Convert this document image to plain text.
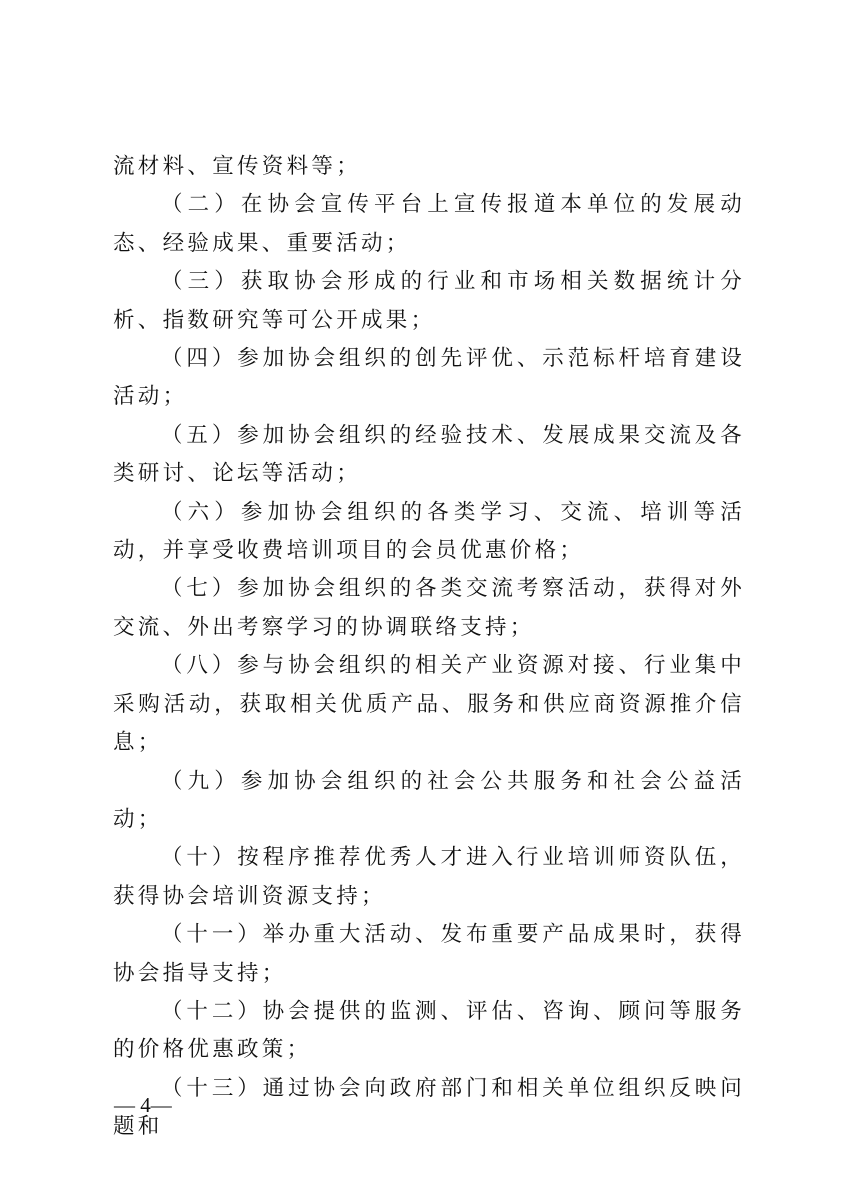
流材料、宣传资料等；

（二）在协会宣传平台上宣传报道本单位的发展动态、经验成果、重要活动；

（三）获取协会形成的行业和市场相关数据统计分析、指数研究等可公开成果；

（四）参加协会组织的创先评优、示范标杆培育建设活动；

（五）参加协会组织的经验技术、发展成果交流及各类研讨、论坛等活动；

（六）参加协会组织的各类学习、交流、培训等活动，并享受收费培训项目的会员优惠价格；

（七）参加协会组织的各类交流考察活动，获得对外交流、外出考察学习的协调联络支持；

（八）参与协会组织的相关产业资源对接、行业集中采购活动，获取相关优质产品、服务和供应商资源推介信息；

（九）参加协会组织的社会公共服务和社会公益活动；

（十）按程序推荐优秀人才进入行业培训师资队伍，获得协会培训资源支持；

（十一）举办重大活动、发布重要产品成果时，获得协会指导支持；

（十二）协会提供的监测、评估、咨询、顾问等服务的价格优惠政策；

（十三）通过协会向政府部门和相关单位组织反映问题和

— 4—
